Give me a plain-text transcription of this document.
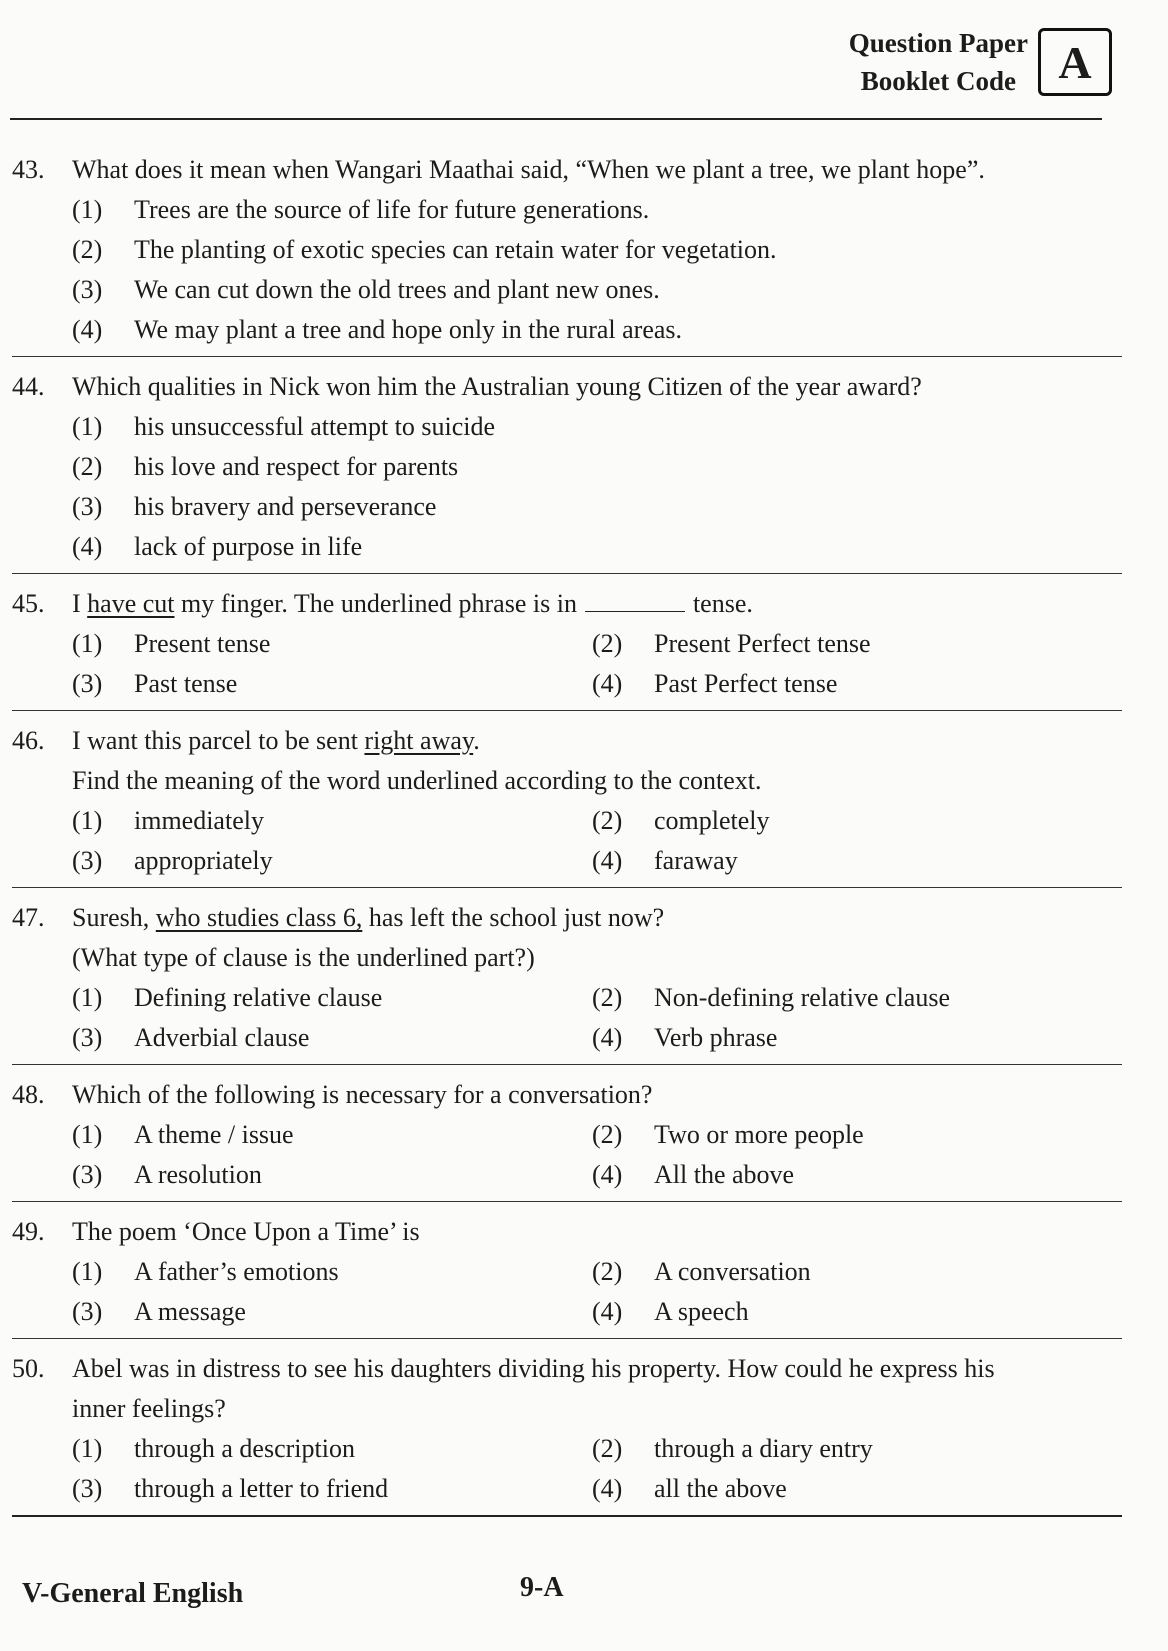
Question Paper
Booklet Code A
43.	What does it mean when Wangari Maathai said, “When we plant a tree, we plant hope”.
(1)	Trees are the source of life for future generations.
(2)	The planting of exotic species can retain water for vegetation.
(3)	We can cut down the old trees and plant new ones.
(4)	We may plant a tree and hope only in the rural areas.
44.	Which qualities in Nick won him the Australian young Citizen of the year award?
(1)	his unsuccessful attempt to suicide
(2)	his love and respect for parents
(3)	his bravery and perseverance
(4)	lack of purpose in life
45.	I have cut my finger. The underlined phrase is in	tense.
(1)	Present tense	(2)	Present Perfect tense
(3)	Past tense	(4)	Past Perfect tense
46.	I want this parcel to be sent right away.
Find the meaning of the word underlined according to the context.
(1)	immediately	(2)	completely
(3)	appropriately	(4)	faraway
47.	Suresh, who studies class 6, has left the school just now?
(What type of clause is the underlined part?)
(1)	Defining relative clause	(2)	Non-defining relative clause
(3)	Adverbial clause	(4)	Verb phrase
48.	Which of the following is necessary for a conversation?
(1)	A theme / issue	(2)	Two or more people
(3)	A resolution	(4)	All the above
49.	The poem ‘Once Upon a Time’ is
(1)	A father’s emotions	(2)	A conversation
(3)	A message	(4)	A speech
50.	Abel was in distress to see his daughters dividing his property. How could he express his
inner feelings?
(1)	through a description	(2)	through a diary entry
(3)	through a letter to friend	(4)	all the above
V-General English	9-A
